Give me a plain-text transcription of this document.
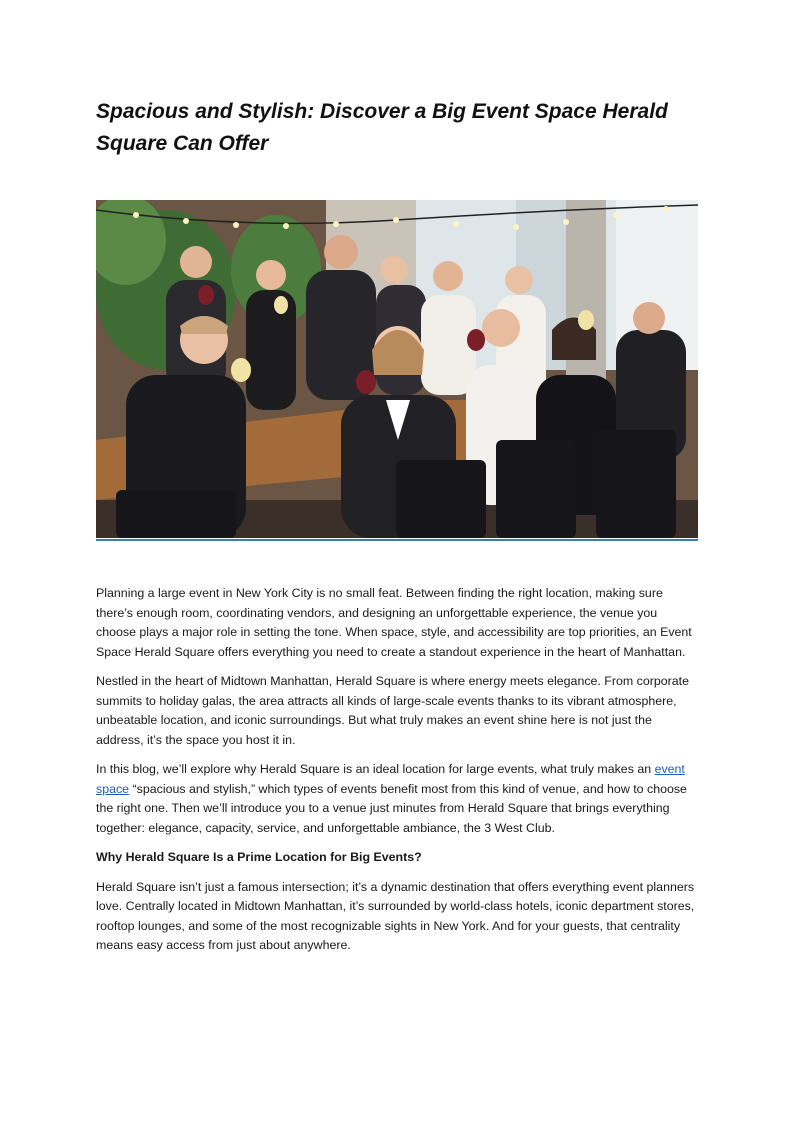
Spacious and Stylish: Discover a Big Event Space Herald Square Can Offer

Planning a large event in New York City is no small feat. Between finding the right location, making sure there’s enough room, coordinating vendors, and designing an unforgettable experience, the venue you choose plays a major role in setting the tone. When space, style, and accessibility are top priorities, an Event Space Herald Square offers everything you need to create a standout experience in the heart of Manhattan.

Nestled in the heart of Midtown Manhattan, Herald Square is where energy meets elegance. From corporate summits to holiday galas, the area attracts all kinds of large-scale events thanks to its vibrant atmosphere, unbeatable location, and iconic surroundings. But what truly makes an event shine here is not just the address, it’s the space you host it in.

In this blog, we’ll explore why Herald Square is an ideal location for large events, what truly makes an event space “spacious and stylish,” which types of events benefit most from this kind of venue, and how to choose the right one. Then we’ll introduce you to a venue just minutes from Herald Square that brings everything together: elegance, capacity, service, and unforgettable ambiance, the 3 West Club.

Why Herald Square Is a Prime Location for Big Events?

Herald Square isn’t just a famous intersection; it’s a dynamic destination that offers everything event planners love. Centrally located in Midtown Manhattan, it’s surrounded by world-class hotels, iconic department stores, rooftop lounges, and some of the most recognizable sights in New York. And for your guests, that centrality means easy access from just about anywhere.
